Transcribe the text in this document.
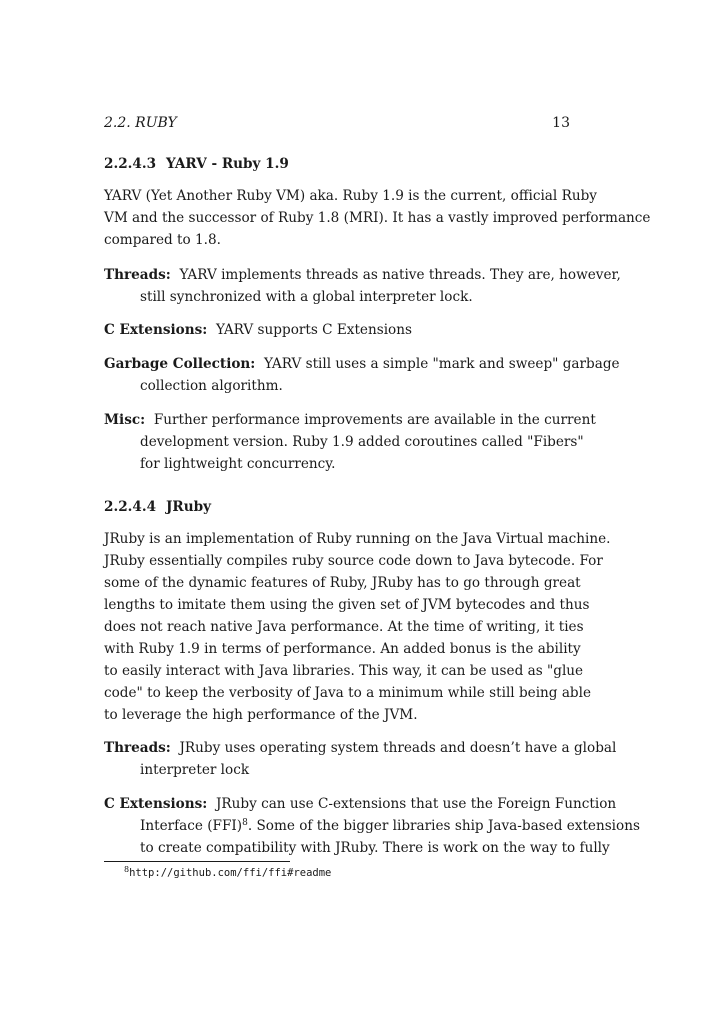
2.2. RUBY	13
2.2.4.3 YARV - Ruby 1.9
YARV (Yet Another Ruby VM) aka. Ruby 1.9 is the current, official Ruby
VM and the successor of Ruby 1.8 (MRI). It has a vastly improved performance
compared to 1.8.
Threads: YARV implements threads as native threads. They are, however,
still synchronized with a global interpreter lock.
C Extensions: YARV supports C Extensions
Garbage Collection: YARV still uses a simple "mark and sweep" garbage
collection algorithm.
Misc: Further performance improvements are available in the current
development version. Ruby 1.9 added coroutines called "Fibers"
for lightweight concurrency.
2.2.4.4 JRuby
JRuby is an implementation of Ruby running on the Java Virtual machine.
JRuby essentially compiles ruby source code down to Java bytecode. For
some of the dynamic features of Ruby, JRuby has to go through great
lengths to imitate them using the given set of JVM bytecodes and thus
does not reach native Java performance. At the time of writing, it ties
with Ruby 1.9 in terms of performance. An added bonus is the ability
to easily interact with Java libraries. This way, it can be used as "glue
code" to keep the verbosity of Java to a minimum while still being able
to leverage the high performance of the JVM.
Threads: JRuby uses operating system threads and doesn’t have a global
interpreter lock
C Extensions: JRuby can use C-extensions that use the Foreign Function
Interface (FFI)$^8$. Some of the bigger libraries ship Java-based extensions
to create compatibility with JRuby. There is work on the way to fully
$^8$http://github.com/ffi/ffi#readme
